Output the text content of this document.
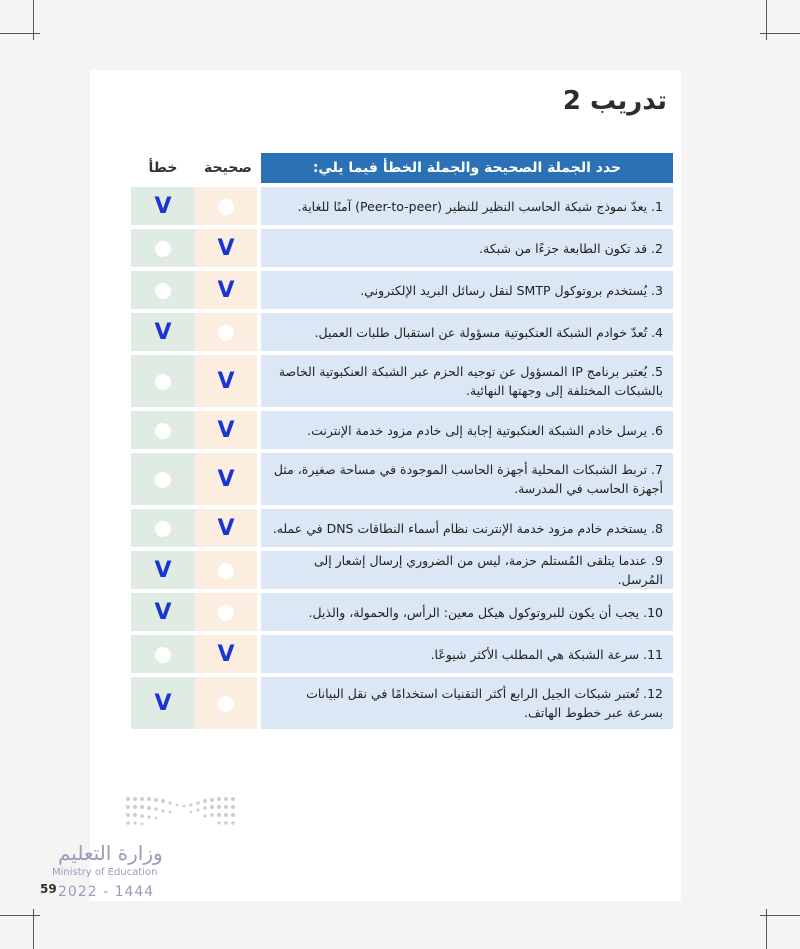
تدريب 2
حدد الجملة الصحيحة والجملة الخطأ فيما يلي:	صحيحة	خطأ
1. يعدّ نموذج شبكة الحاسب النظير للنظير (Peer-to-peer) آمنًا للغاية.		V
2. قد تكون الطابعة جزءًا من شبكة.	V	
3. يُستخدم بروتوكول SMTP لنقل رسائل البريد الإلكتروني.	V	
4. تُعدّ خوادم الشبكة العنكبوتية مسؤولة عن استقبال طلبات العميل.		V
5. يُعتبر برنامج IP المسؤول عن توجيه الحزم عبر الشبكة العنكبوتية الخاصة بالشبكات المختلفة إلى وجهتها النهائية.	V	
6. يرسل خادم الشبكة العنكبوتية إجابة إلى خادم مزود خدمة الإنترنت.	V	
7. تربط الشبكات المحلية أجهزة الحاسب الموجودة في مساحة صغيرة، مثل أجهزة الحاسب في المدرسة.	V	
8. يستخدم خادم مزود خدمة الإنترنت نظام أسماء النطاقات DNS في عمله.	V	
9. عندما يتلقى المُستلم حزمة، ليس من الضروري إرسال إشعار إلى المُرسل.		V
10. يجب أن يكون للبروتوكول هيكل معين: الرأس، والحمولة، والذيل.		V
11. سرعة الشبكة هي المطلب الأكثر شيوعًا.	V	
12. تُعتبر شبكات الجيل الرابع أكثر التقنيات استخدامًا في نقل البيانات بسرعة عبر خطوط الهاتف.		V
وزارة التعليم
Ministry of Education
59 2022 - 1444
